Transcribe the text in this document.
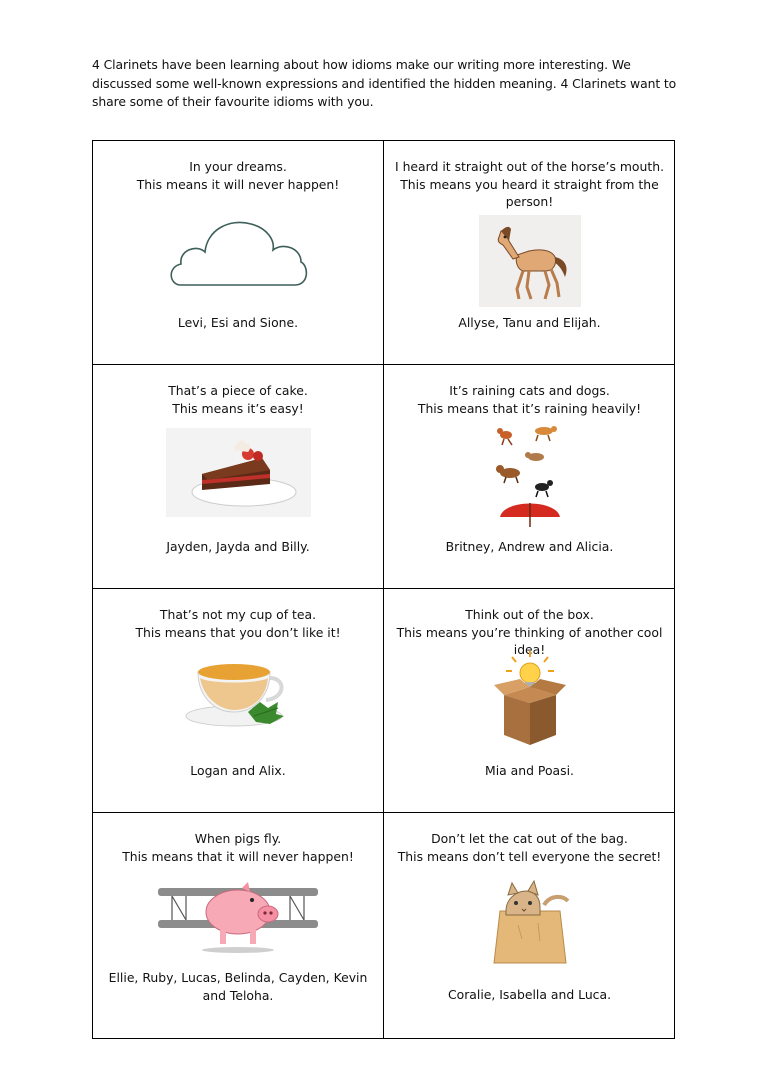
4 Clarinets have been learning about how idioms make our writing more interesting. We discussed some well-known expressions and identified the hidden meaning. 4 Clarinets want to share some of their favourite idioms with you.

In your dreams.
This means it will never happen!
Levi, Esi and Sione.
I heard it straight out of the horse’s mouth.
This means you heard it straight from the person!
Allyse, Tanu and Elijah.
That’s a piece of cake.
This means it’s easy!
Jayden, Jayda and Billy.
It’s raining cats and dogs.
This means that it’s raining heavily!
Britney, Andrew and Alicia.
That’s not my cup of tea.
This means that you don’t like it!
Logan and Alix.
Think out of the box.
This means you’re thinking of another cool idea!
Mia and Poasi.
When pigs fly.
This means that it will never happen!
Ellie, Ruby, Lucas, Belinda, Cayden, Kevin and Teloha.
Don’t let the cat out of the bag.
This means don’t tell everyone the secret!
Coralie, Isabella and Luca.
